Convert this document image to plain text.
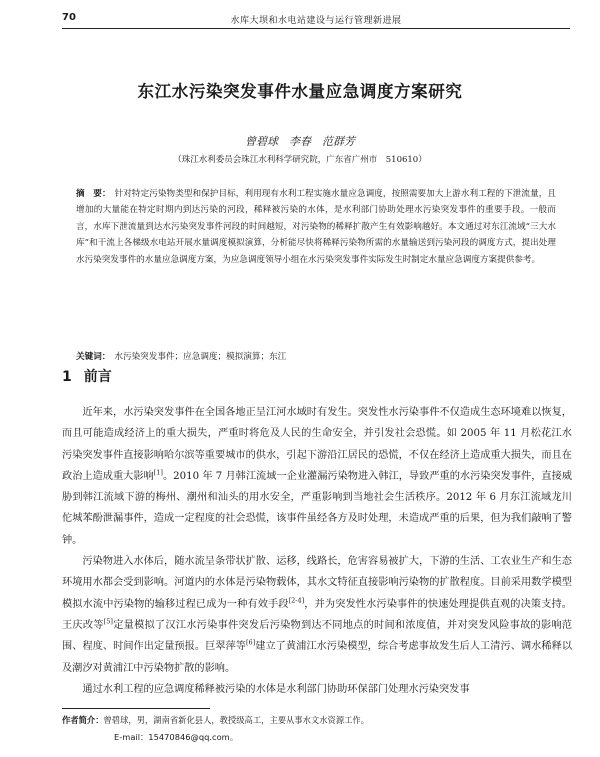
70	水库大坝和水电站建设与运行管理新进展
东江水污染突发事件水量应急调度方案研究
曾碧球　李春　范群芳
（珠江水利委员会珠江水利科学研究院，广东省广州市　510610）
摘　要： 针对特定污染物类型和保护目标，利用现有水利工程实施水量应急调度，按照需要加大上游水利工程的下泄流量，且增加的大量能在特定时期内到达污染的河段，稀释被污染的水体，是水利部门协助处理水污染突发事件的重要手段。一般而言，水库下泄流量到达水污染突发事件河段的时间越短，对污染物的稀释扩散产生有效影响越好。本文通过对东江流域“三大水库”和干流上各梯级水电站开展水量调度模拟演算，分析能尽快将稀释污染物所需的水量输送到污染河段的调度方式，提出处理水污染突发事件的水量应急调度方案，为应急调度领导小组在水污染突发事件实际发生时制定水量应急调度方案提供参考。
关键词： 水污染突发事件；应急调度；模拟演算；东江
1 前言

近年来，水污染突发事件在全国各地正呈江河水域时有发生。突发性水污染事件不仅造成生态环境难以恢复，而且可能造成经济上的重大损失，严重时将危及人民的生命安全，并引发社会恐慌。如 2005 年 11 月松花江水污染突发事件直接影响哈尔滨等重要城市的供水，引起下游沿江居民的恐慌，不仅在经济上造成重大损失，而且在政治上造成重大影响[1]。2010 年 7 月韩江流域一企业灌漏污染物进入韩江，导致严重的水污染突发事件，直接威胁到韩江流域下游的梅州、潮州和汕头的用水安全，严重影响到当地社会生活秩序。2012 年 6 月东江流域龙川佗城苯酚泄漏事件，造成一定程度的社会恐慌，该事件虽经各方及时处理，未造成严重的后果，但为我们敲响了警钟。

污染物进入水体后，随水流呈条带状扩散、运移，线路长，危害容易被扩大，下游的生活、工农业生产和生态环境用水都会受到影响。河道内的水体是污染物载体，其水文特征直接影响污染物的扩散程度。目前采用数学模型模拟水流中污染物的输移过程已成为一种有效手段[2-4]，并为突发性水污染事件的快速处理提供直观的决策支持。王庆改等[5]定量模拟了汉江水污染事件突发后污染物到达不同地点的时间和浓度值，并对突发风险事故的影响范围、程度、时间作出定量预报。巨翠萍等[6]建立了黄浦江水污染模型，综合考虑事故发生后人工清污、调水稀释以及潮汐对黄浦江中污染物扩散的影响。

通过水利工程的应急调度稀释被污染的水体是水利部门协助环保部门处理水污染突发事

作者简介：曾碧球，男，湖南省新化县人，教授级高工，主要从事水文水资源工作。
E-mail：15470846@qq.com。
